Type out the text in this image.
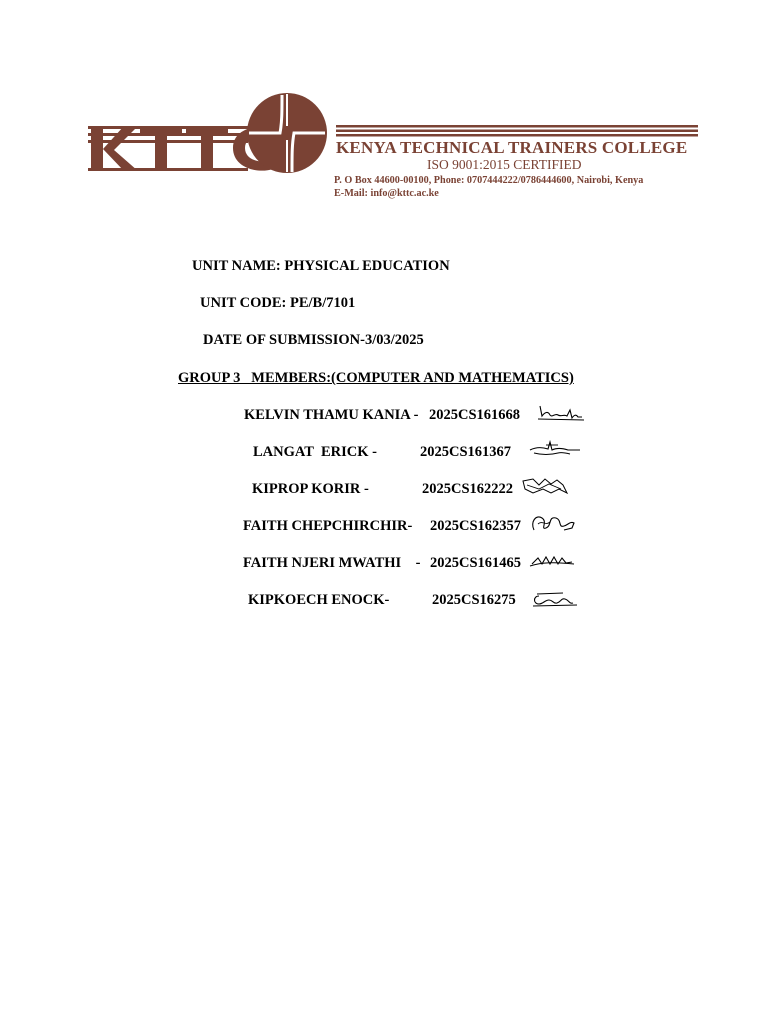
KENYA TECHNICAL TRAINERS COLLEGE
ISO 9001:2015 CERTIFIED
P. O Box 44600-00100, Phone: 0707444222/0786444600, Nairobi, Kenya
E-Mail: info@kttc.ac.ke
UNIT NAME: PHYSICAL EDUCATION
UNIT CODE: PE/B/7101
DATE OF SUBMISSION-3/03/2025
GROUP 3   MEMBERS:(COMPUTER AND MATHEMATICS)
KELVIN THAMU KANIA - 2025CS161668
LANGAT  ERICK -	2025CS161367
KIPROP KORIR -	2025CS162222
FAITH CHEPCHIRCHIR- 2025CS162357
FAITH NJERI MWATHI    - 2025CS161465
KIPKOECH ENOCK-	2025CS16275
